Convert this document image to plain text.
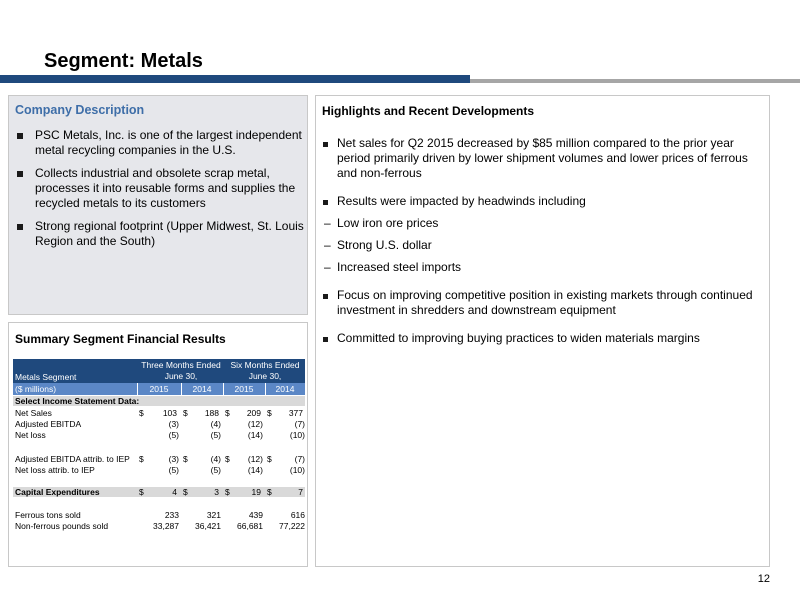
Segment: Metals
Company Description
PSC Metals, Inc. is one of the largest independent metal recycling companies in the U.S.
Collects industrial and obsolete scrap metal, processes it into reusable forms and supplies the recycled metals to its customers
Strong regional footprint (Upper Midwest, St. Louis Region and the South)
Summary Segment Financial Results
Three Months Ended
June 30,
Six Months Ended
June 30,
Metals Segment
($ millions)	2015	2014	2015	2014
Select Income Statement Data:
Net Sales	$	103 $	188 $	209 $	377
Adjusted EBITDA	(3)	(4)	(12)	(7)
Net loss	(5)	(5)	(14)	(10)
Adjusted EBITDA attrib. to IEP $	(3) $	(4) $	(12) $	(7)
Net loss attrib. to IEP	(5)	(5)	(14)	(10)
Capital Expenditures	$	4 $	3 $	19 $	7
Ferrous tons sold	233	321	439	616
Non-ferrous pounds sold	33,287	36,421	66,681	77,222
Highlights and Recent Developments
Net sales for Q2 2015 decreased by $85 million compared to the prior year period primarily driven by lower shipment volumes and lower prices of ferrous and non-ferrous
Results were impacted by headwinds including
– Low iron ore prices
– Strong U.S. dollar
– Increased steel imports
Focus on improving competitive position in existing markets through continued investment in shredders and downstream equipment
Committed to improving buying practices to widen materials margins
12
